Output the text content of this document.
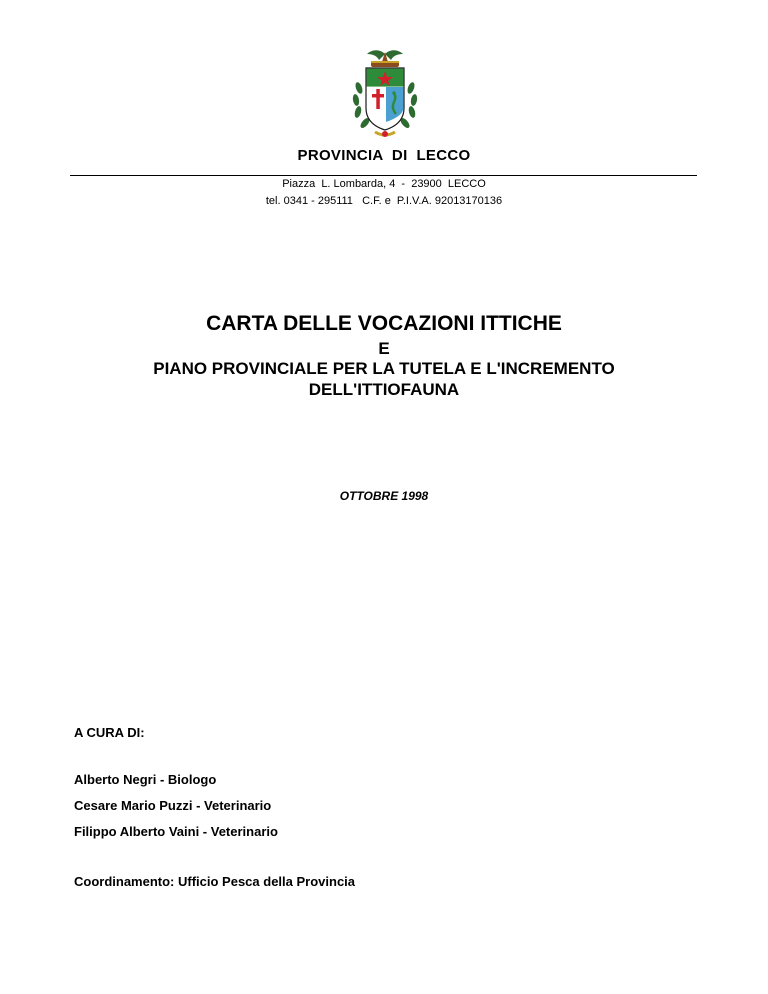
PROVINCIA  DI  LECCO
Piazza  L. Lombarda, 4  -  23900  LECCO
tel. 0341 - 295111   C.F. e  P.I.V.A. 92013170136
CARTA DELLE VOCAZIONI ITTICHE
E
PIANO PROVINCIALE PER LA TUTELA E L'INCREMENTO
DELL'ITTIOFAUNA
OTTOBRE 1998
A CURA DI:
Alberto Negri - Biologo
Cesare Mario Puzzi - Veterinario
Filippo Alberto Vaini - Veterinario
Coordinamento: Ufficio Pesca della Provincia
